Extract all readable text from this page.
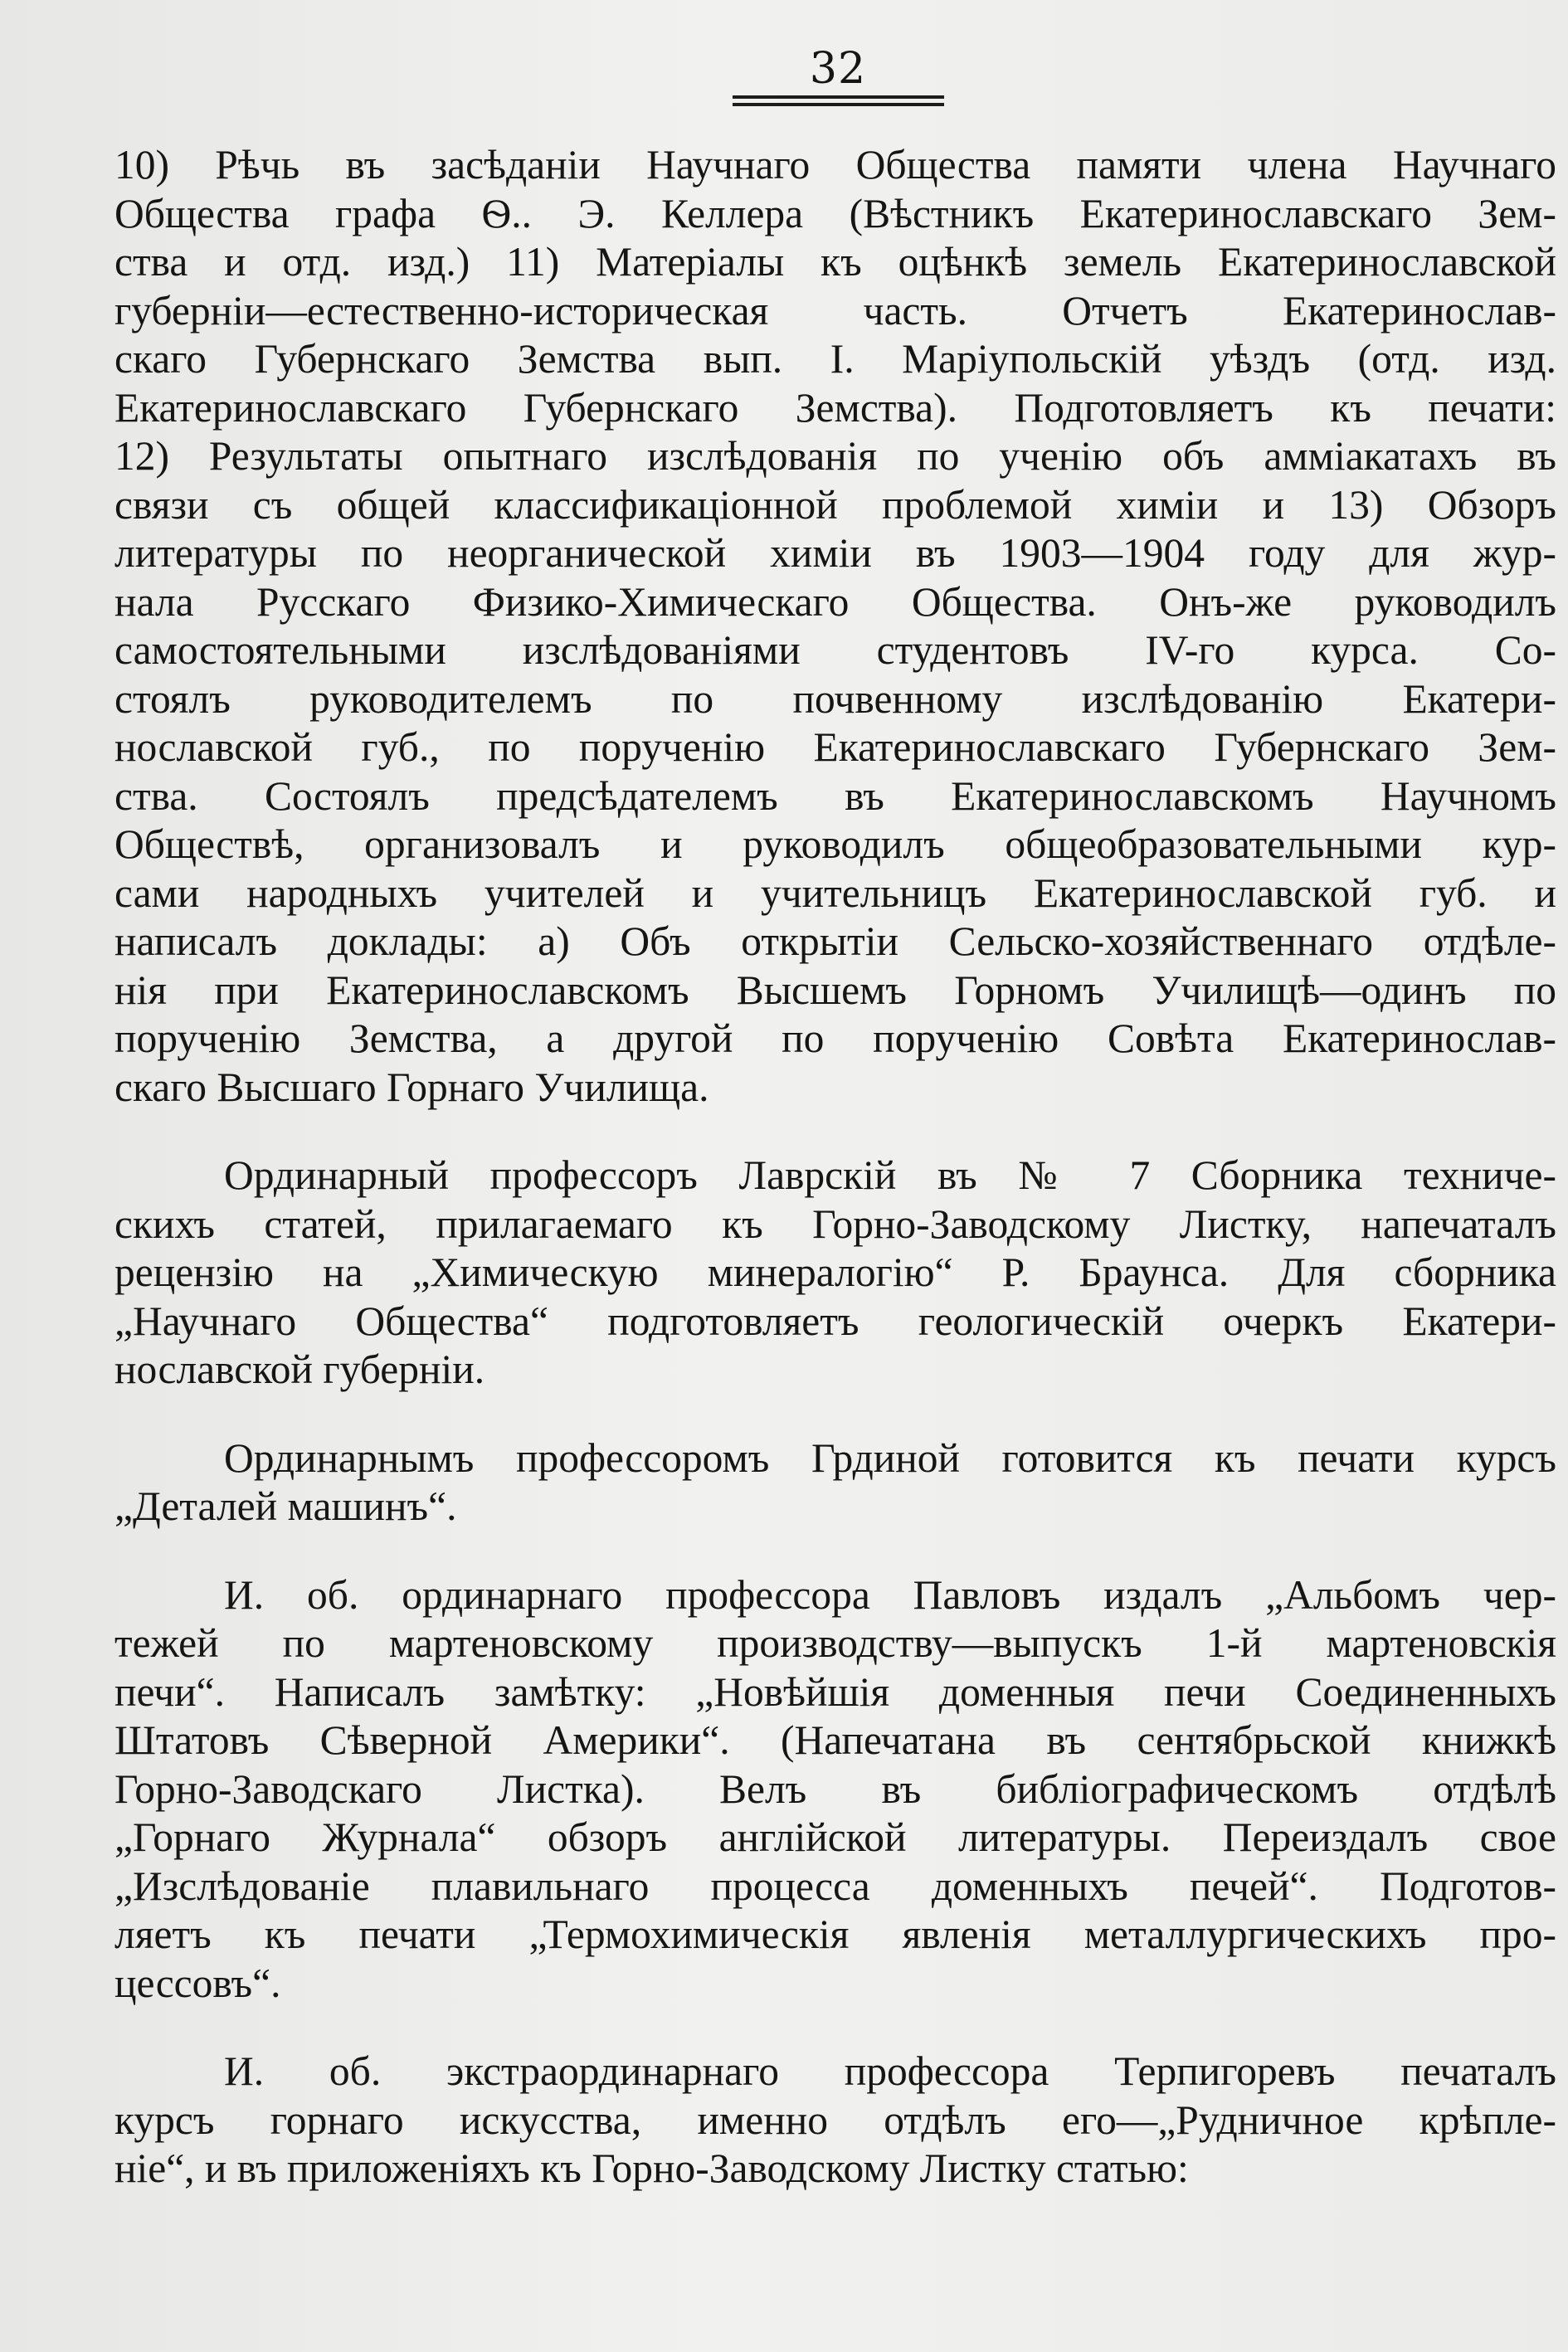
32
10) Рѣчь въ засѣданіи Научнаго Общества памяти члена Научнаго
Общества графа Ѳ.. Э. Келлера (Вѣстникъ Екатеринославскаго Зем-
ства и отд. изд.) 11) Матеріалы къ оцѣнкѣ земель Екатеринославской
губерніи—естественно-историческая часть. Отчетъ Екатеринослав-
скаго Губернскаго Земства вып. I. Маріупольскій уѣздъ (отд. изд.
Екатеринославскаго Губернскаго Земства). Подготовляетъ къ печати:
12) Результаты опытнаго изслѣдованія по ученію объ аммiакатахъ въ
связи съ общей классификаціонной проблемой химіи и 13) Обзоръ
литературы по неорганической химіи въ 1903—1904 году для жур-
нала Русскаго Физико-Химическаго Общества. Онъ-же руководилъ
самостоятельными изслѣдованіями студентовъ IV-го курса. Со-
стоялъ руководителемъ по почвенному изслѣдованію Екатери-
нославской губ., по порученію Екатеринославскаго Губернскаго Зем-
ства. Состоялъ предсѣдателемъ въ Екатеринославскомъ Научномъ
Обществѣ, организовалъ и руководилъ общеобразовательными кур-
сами народныхъ учителей и учительницъ Екатеринославской губ. и
написалъ доклады: а) Объ открытіи Сельско-хозяйственнаго отдѣле-
нія при Екатеринославскомъ Высшемъ Горномъ Училищѣ—одинъ по
порученію Земства, а другой по порученію Совѣта Екатеринослав-
скаго Высшаго Горнаго Училища.
Ординарный профессоръ Лаврскій въ № 7 Сборника техниче-
скихъ статей, прилагаемаго къ Горно-Заводскому Листку, напечаталъ
рецензію на „Химическую минералогію“ Р. Браунса. Для сборника
„Научнаго Общества“ подготовляетъ геологическій очеркъ Екатери-
нославской губерніи.
Ординарнымъ профессоромъ Грдиной готовится къ печати курсъ
„Деталей машинъ“.
И. об. ординарнаго профессора Павловъ издалъ „Альбомъ чер-
тежей по мартеновскому производству—выпускъ 1-й мартеновскія
печи“. Написалъ замѣтку: „Новѣйшія доменныя печи Соединенныхъ
Штатовъ Сѣверной Америки“. (Напечатана въ сентябрьской книжкѣ
Горно-Заводскаго Листка). Велъ въ библіографическомъ отдѣлѣ
„Горнаго Журнала“ обзоръ англійской литературы. Переиздалъ свое
„Изслѣдованіе плавильнаго процесса доменныхъ печей“. Подготов-
ляетъ къ печати „Термохимическія явленія металлургическихъ про-
цессовъ“.
И. об. экстраординарнаго профессора Терпигоревъ печаталъ
курсъ горнаго искусства, именно отдѣлъ его—„Рудничное крѣпле-
ніе“, и въ приложеніяхъ къ Горно-Заводскому Листку статью:
